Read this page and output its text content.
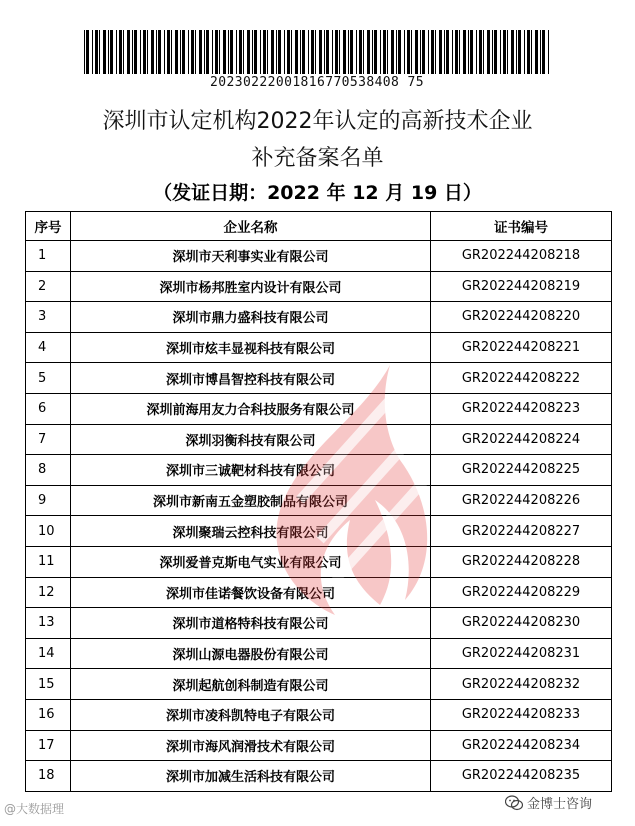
20230222001816770538408 75
深圳市认定机构2022年认定的高新技术企业
补充备案名单
（发证日期：2022 年 12 月 19 日）
序号	企业名称	证书编号
1	深圳市天利事实业有限公司	GR202244208218
2	深圳市杨邦胜室内设计有限公司	GR202244208219
3	深圳市鼎力盛科技有限公司	GR202244208220
4	深圳市炫丰显视科技有限公司	GR202244208221
5	深圳市博昌智控科技有限公司	GR202244208222
6	深圳前海用友力合科技服务有限公司	GR202244208223
7	深圳羽衡科技有限公司	GR202244208224
8	深圳市三诚靶材科技有限公司	GR202244208225
9	深圳市新南五金塑胶制品有限公司	GR202244208226
10	深圳聚瑞云控科技有限公司	GR202244208227
11	深圳爱普克斯电气实业有限公司	GR202244208228
12	深圳市佳诺餐饮设备有限公司	GR202244208229
13	深圳市道格特科技有限公司	GR202244208230
14	深圳山源电器股份有限公司	GR202244208231
15	深圳起航创科制造有限公司	GR202244208232
16	深圳市凌科凯特电子有限公司	GR202244208233
17	深圳市海风润滑技术有限公司	GR202244208234
18	深圳市加减生活科技有限公司	GR202244208235
@大数据理	金博士咨询
